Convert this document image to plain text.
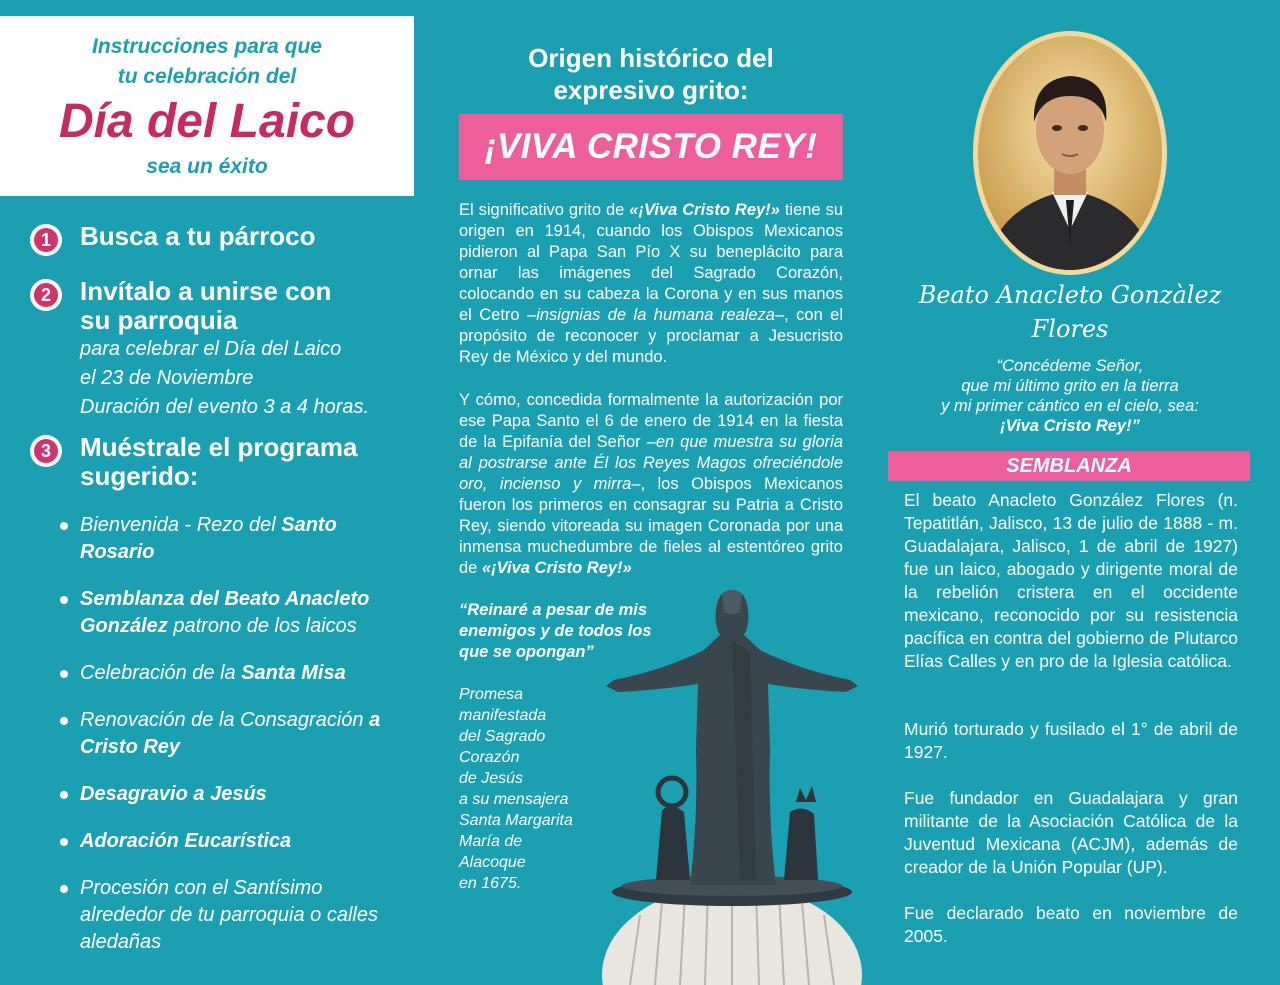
Instrucciones para que
tu celebración del
Día del Laico
sea un éxito
1 Busca a tu párroco
2 Invítalo a unirse con
su parroquia
para celebrar el Día del Laico
el 23 de Noviembre
Duración del evento 3 a 4 horas.
3 Muéstrale el programa
sugerido:
Bienvenida - Rezo del Santo Rosario
Semblanza del Beato Anacleto González patrono de los laicos
Celebración de la Santa Misa
Renovación de la Consagración a Cristo Rey
Desagravio a Jesús
Adoración Eucarística
Procesión con el Santísimo alrededor de tu parroquia o calles aledañas
Origen histórico del
expresivo grito:
¡VIVA CRISTO REY!
El significativo grito de «¡Viva Cristo Rey!» tiene su origen en 1914, cuando los Obispos Mexicanos pidieron al Papa San Pío X su beneplácito para ornar las imágenes del Sagrado Corazón, colocando en su cabeza la Corona y en sus manos el Cetro –insignias de la humana realeza–, con el propósito de reconocer y proclamar a Jesucristo Rey de México y del mundo.
Y cómo, concedida formalmente la autorización por ese Papa Santo el 6 de enero de 1914 en la fiesta de la Epifanía del Señor –en que muestra su gloria al postrarse ante Él los Reyes Magos ofreciéndole oro, incienso y mirra–, los Obispos Mexicanos fueron los primeros en consagrar su Patria a Cristo Rey, siendo vitoreada su imagen Coronada por una inmensa muchedumbre de fieles al estentóreo grito de «¡Viva Cristo Rey!»
“Reinaré a pesar de mis enemigos y de todos los que se opongan”
Promesa
manifestada
del Sagrado
Corazón
de Jesús
a su mensajera
Santa Margarita
María de
Alacoque
en 1675.
Beato Anacleto Gonzàlez
Flores
“Concédeme Señor,
que mi último grito en la tierra
y mi primer cántico en el cielo, sea:
¡Viva Cristo Rey!”
SEMBLANZA
El beato Anacleto González Flores (n. Tepatitlán, Jalisco, 13 de julio de 1888 - m. Guadalajara, Jalisco, 1 de abril de 1927) fue un laico, abogado y dirigente moral de la rebelión cristera en el occidente mexicano, reconocido por su resistencia pacífica en contra del gobierno de Plutarco Elías Calles y en pro de la Iglesia católica.
Murió torturado y fusilado el 1° de abril de 1927.
Fue fundador en Guadalajara y gran militante de la Asociación Católica de la Juventud Mexicana (ACJM), además de creador de la Unión Popular (UP).
Fue declarado beato en noviembre de 2005.
